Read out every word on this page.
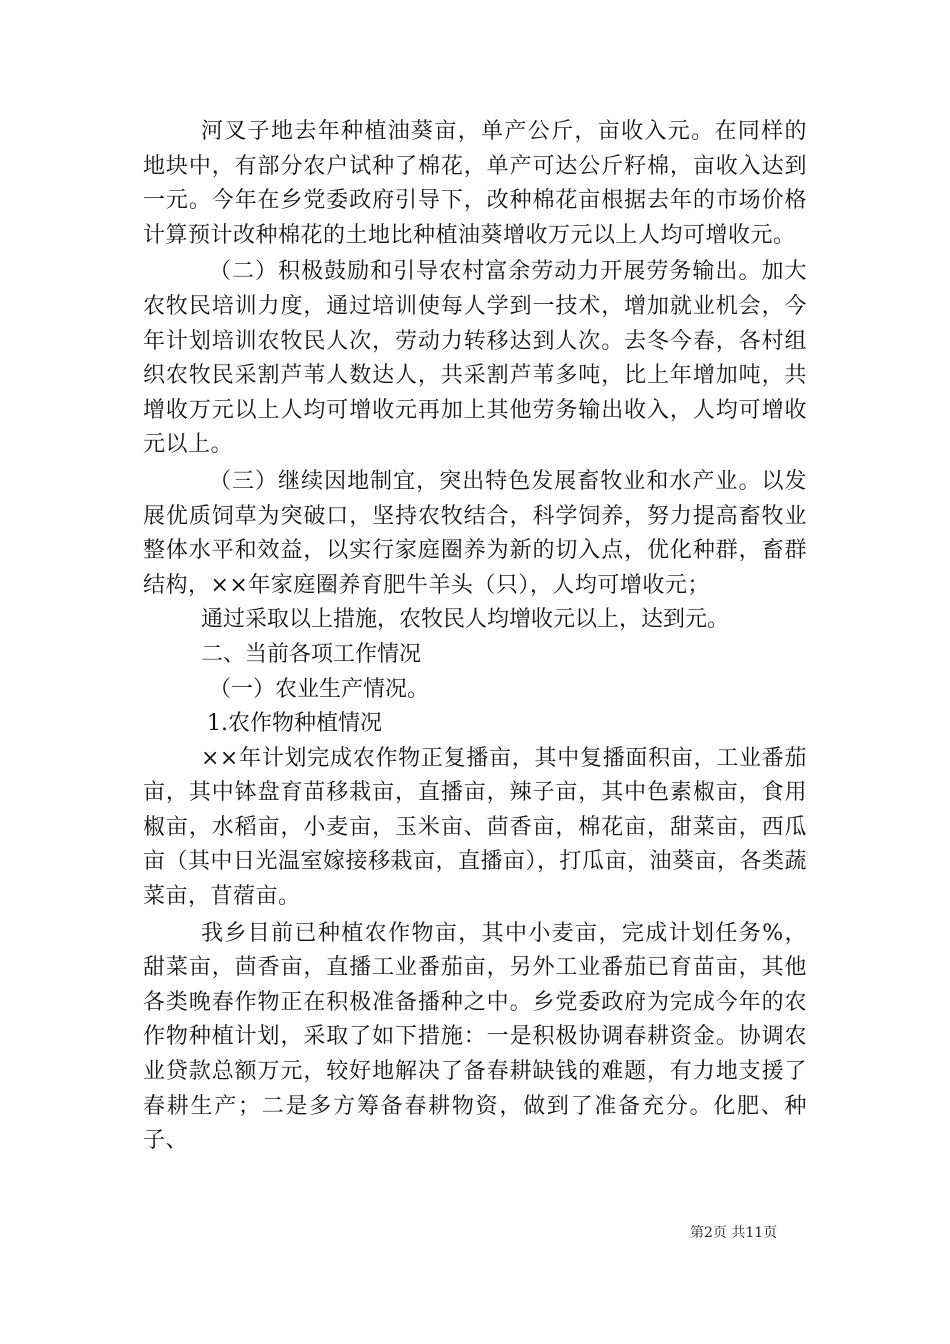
河叉子地去年种植油葵亩，单产公斤，亩收入元。在同样的地块中，有部分农户试种了棉花，单产可达公斤籽棉，亩收入达到一元。今年在乡党委政府引导下，改种棉花亩根据去年的市场价格计算预计改种棉花的土地比种植油葵增收万元以上人均可增收元。

（二）积极鼓励和引导农村富余劳动力开展劳务输出。加大农牧民培训力度，通过培训使每人学到一技术，增加就业机会，今年计划培训农牧民人次，劳动力转移达到人次。去冬今春，各村组织农牧民采割芦苇人数达人，共采割芦苇多吨，比上年增加吨，共增收万元以上人均可增收元再加上其他劳务输出收入，人均可增收元以上。

（三）继续因地制宜，突出特色发展畜牧业和水产业。以发展优质饲草为突破口，坚持农牧结合，科学饲养，努力提高畜牧业整体水平和效益，以实行家庭圈养为新的切入点，优化种群，畜群结构，××年家庭圈养育肥牛羊头（只），人均可增收元；

通过采取以上措施，农牧民人均增收元以上，达到元。

二、当前各项工作情况

（一）农业生产情况。

1.农作物种植情况

××年计划完成农作物正复播亩，其中复播面积亩，工业番茄亩，其中钵盘育苗移栽亩，直播亩，辣子亩，其中色素椒亩，食用椒亩，水稻亩，小麦亩，玉米亩、茴香亩，棉花亩，甜菜亩，西瓜亩（其中日光温室嫁接移栽亩，直播亩），打瓜亩，油葵亩，各类蔬菜亩，苜蓿亩。

我乡目前已种植农作物亩，其中小麦亩，完成计划任务%，甜菜亩，茴香亩，直播工业番茄亩，另外工业番茄已育苗亩，其他各类晚春作物正在积极准备播种之中。乡党委政府为完成今年的农作物种植计划，采取了如下措施：一是积极协调春耕资金。协调农业贷款总额万元，较好地解决了备春耕缺钱的难题，有力地支援了春耕生产；二是多方筹备春耕物资，做到了准备充分。化肥、种子、

第2页 共11页
